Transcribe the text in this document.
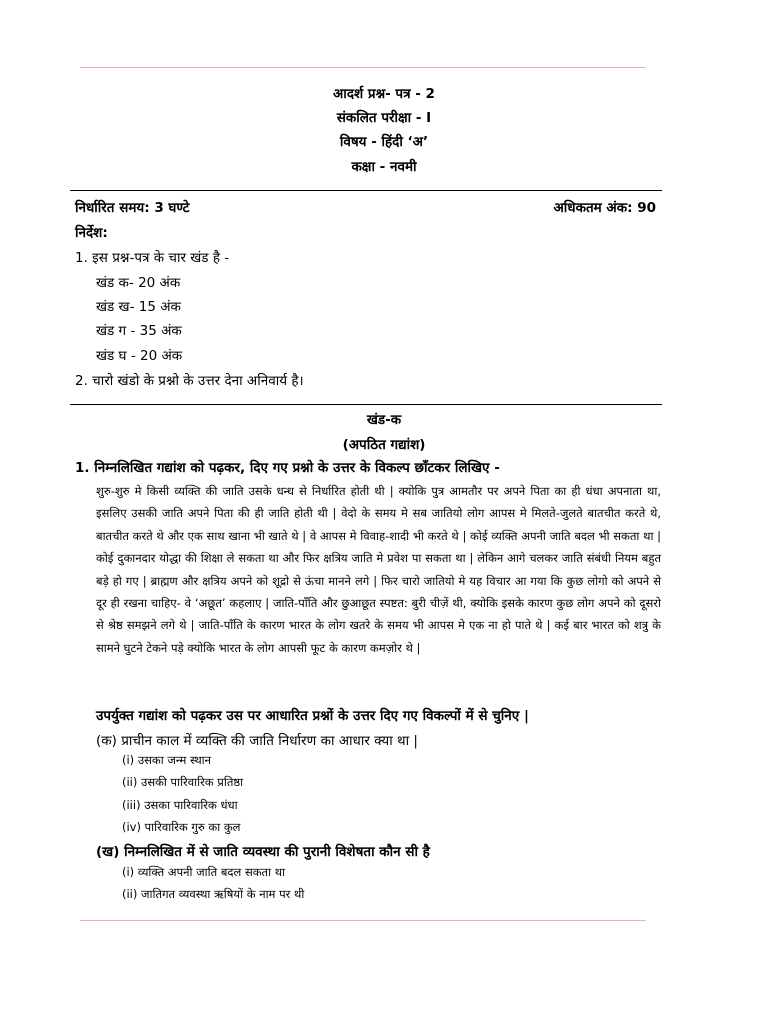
आदर्श प्रश्न- पत्र - 2
संकलित परीक्षा - I
विषय - हिंदी ‘अ’
कक्षा - नवमी
निर्धारित समय: 3 घण्टे	अधिकतम अंक: 90
निर्देश:
1. इस प्रश्न-पत्र के चार खंड है -
खंड क- 20 अंक
खंड ख- 15 अंक
खंड ग - 35 अंक
खंड घ - 20 अंक
2. चारो खंडो के प्रश्नो के उत्तर देना अनिवार्य है।
खंड-क
(अपठित गद्यांश)
1. निम्नलिखित गद्यांश को पढ़कर, दिए गए प्रश्नो के उत्तर के विकल्प छाँटकर लिखिए -
शुरु-शुरु मे किसी व्यक्ति की जाति उसके धन्ध से निर्धारित होती थी | क्योकि पुत्र आमतौर पर अपने पिता का ही धंधा अपनाता था, इसलिए उसकी जाति अपने पिता की ही जाति होती थी | वेदो के समय मे सब जातियो लोग आपस मे मिलते-जुलते बातचीत करते थे, बातचीत करते थे और एक साथ खाना भी खाते थे | वे आपस मे विवाह-शादी भी करते थे | कोई व्यक्ति अपनी जाति बदल भी सकता था | कोई दुकानदार योद्धा की शिक्षा ले सकता था और फिर क्षत्रिय जाति मे प्रवेश पा सकता था | लेकिन आगे चलकर जाति संबंधी नियम बहुत बड़े हो गए | ब्राह्मण और क्षत्रिय अपने को शूद्रो से ऊंचा मानने लगे | फिर चारो जातियो मे यह विचार आ गया कि कुछ लोगो को अपने से दूर ही रखना चाहिए- वे ‘अछूत’ कहलाए | जाति-पाँति और छुआछूत स्पष्टत: बुरी चीज़ें थी, क्योकि इसके कारण कुछ लोग अपने को दूसरो से श्रेष्ठ समझने लगे थे | जाति-पाँति के कारण भारत के लोग खतरे के समय भी आपस मे एक ना हो पाते थे | कई बार भारत को शत्रु के सामने घुटने टेकने पड़े क्योकि भारत के लोग आपसी फूट के कारण कमज़ोर थे |
उपर्युक्त गद्यांश को पढ़कर उस पर आधारित प्रश्नों के उत्तर दिए गए विकल्पों में से चुनिए |
(क) प्राचीन काल में व्यक्ति की जाति निर्धारण का आधार क्या था |
(i) उसका जन्म स्थान
(ii) उसकी पारिवारिक प्रतिष्ठा
(iii) उसका पारिवारिक धंधा
(iv) पारिवारिक गुरु का कुल
(ख) निम्नलिखित में से जाति व्यवस्था की पुरानी विशेषता कौन सी है
(i) व्यक्ति अपनी जाति बदल सकता था
(ii) जातिगत व्यवस्था ऋषियों के नाम पर थी
